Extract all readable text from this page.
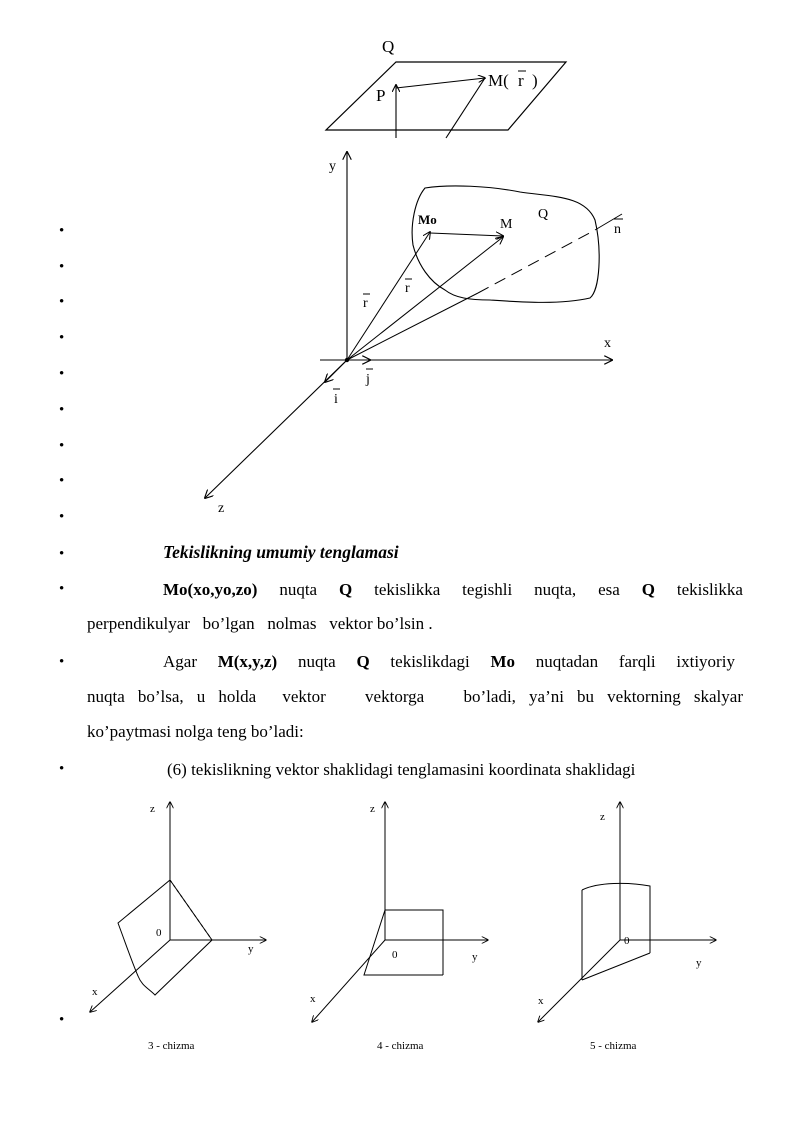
Q
P
M( r )
y
x
z
Q
Mo	M	n
r
r
i
j
•
•
•
•
•
•
•
•
•
•
•
•
•
•
Tekislikning umumiy tenglamasi
Mo(xo,yo,zo) nuqta Q tekislikka tegishli nuqta, esa Q tekislikka
perpendikulyar   bo’lgan   nolmas   vektor bo’lsin .
Agar M(x,y,z) nuqta Q tekislikdagi Mo nuqtadan farqli ixtiyoriy
nuqta bo’lsa, u holda  vektor   vektorga   bo’ladi, ya’ni bu vektorning skalyar
ko’paytmasi nolga teng bo’ladi:
(6) tekislikning vektor shaklidagi tenglamasini koordinata shaklidagi
z
0
y
x
z
0	y
x
z
0
y
x
3 - chizma	4 - chizma	5 - chizma
